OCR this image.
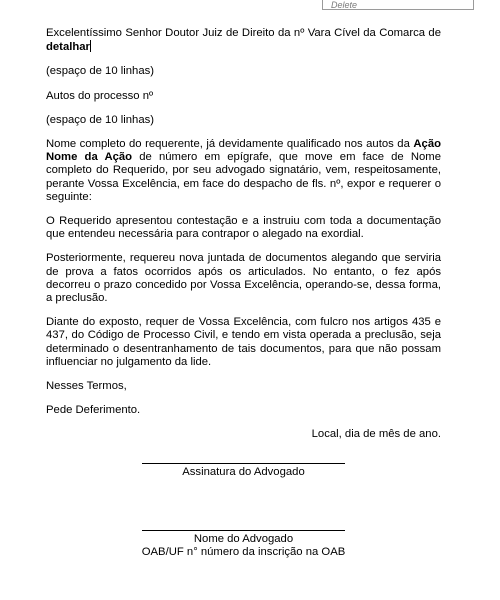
Delete

Excelentíssimo Senhor Doutor Juiz de Direito da nº Vara Cível da Comarca de detalhar

(espaço de 10 linhas)

Autos do processo nº

(espaço de 10 linhas)

Nome completo do requerente, já devidamente qualificado nos autos da Ação Nome da Ação de número em epígrafe, que move em face de Nome completo do Requerido, por seu advogado signatário, vem, respeitosamente, perante Vossa Excelência, em face do despacho de fls. nº, expor e requerer o seguinte:

O Requerido apresentou contestação e a instruiu com toda a documentação que entendeu necessária para contrapor o alegado na exordial.

Posteriormente, requereu nova juntada de documentos alegando que serviria de prova a fatos ocorridos após os articulados. No entanto, o fez após decorreu o prazo concedido por Vossa Excelência, operando-se, dessa forma, a preclusão.

Diante do exposto, requer de Vossa Excelência, com fulcro nos artigos 435 e 437, do Código de Processo Civil, e tendo em vista operada a preclusão, seja determinado o desentranhamento de tais documentos, para que não possam influenciar no julgamento da lide.

Nesses Termos,

Pede Deferimento.

Local, dia de mês de ano.

Assinatura do Advogado
Nome do Advogado
OAB/UF n° número da inscrição na OAB
